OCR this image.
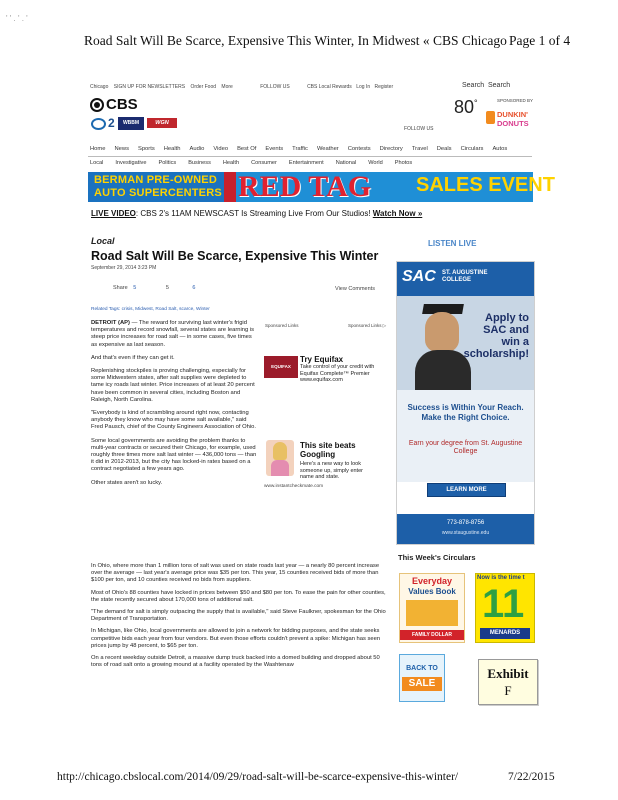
' ' . ' . '
Road Salt Will Be Scarce, Expensive This Winter, In Midwest « CBS Chicago Page 1 of 4
Chicago SIGN UP FOR NEWSLETTERS Order Food More	FOLLOW US	CBS Local Rewards Log In Register	Search Search
SPONSORED BY
CBS
2	WBBM	WGN
80°
FOLLOW US
DUNKIN'
DONUTS
Home News Sports Health Audio Video Best Of Events Traffic Weather Contests Directory Travel Deals Circulars Autos
Local Investigative Politics Business Health Consumer Entertainment National World Photos
BERMAN PRE-OWNED
AUTO SUPERCENTERS RED TAG SALES EVENT
LIVE VIDEO: CBS 2's 11AM NEWSCAST Is Streaming Live From Our Studios! Watch Now »
Local
Road Salt Will Be Scarce, Expensive This Winter
September 29, 2014 3:23 PM
Share 5	5	6	View Comments
Related Tags: crisis, Midwest, Road Salt, scarce, Winter

DETROIT (AP) — The reward for surviving last winter's frigid temperatures and record snowfall, several states are learning is steep price increases for road salt — in some cases, five times as expensive as last season.

And that's even if they can get it.

Replenishing stockpiles is proving challenging, especially for some Midwestern states, after salt supplies were depleted to tame icy roads last winter. Price increases of at least 20 percent have been common in several cities, including Boston and Raleigh, North Carolina.

"Everybody is kind of scrambling around right now, contacting anybody they know who may have some salt available," said Fred Pausch, chief of the County Engineers Association of Ohio.

Some local governments are avoiding the problem thanks to multi-year contracts or secured their Chicago, for example, used roughly three times more salt last winter — 436,000 tons — than it did in 2012-2013, but the city has locked-in rates based on a contract negotiated a few years ago.

Other states aren't so lucky.

Sponsored Links	Sponsored Links ▷
EQUIFAX
Try Equifax
Take control of your credit with Equifax Complete™ Premier www.equifax.com
This site beats Googling
Here's a new way to look someone up, simply enter name and state.
www.instantcheckmate.com

In Ohio, where more than 1 million tons of salt was used on state roads last year — a nearly 80 percent increase over the average — last year's average price was $35 per ton. This year, 15 counties received bids of more than $100 per ton, and 10 counties received no bids from suppliers.

Most of Ohio's 88 counties have locked in prices between $50 and $80 per ton. To ease the pain for other counties, the state recently secured about 170,000 tons of additional salt.

"The demand for salt is simply outpacing the supply that is available," said Steve Faulkner, spokesman for the Ohio Department of Transportation.

In Michigan, like Ohio, local governments are allowed to join a network for bidding purposes, and the state seeks competitive bids each year from four vendors. But even those efforts couldn't prevent a spike: Michigan has seen prices jump by 48 percent, to $65 per ton.

On a recent weekday outside Detroit, a massive dump truck backed into a domed building and dropped about 50 tons of road salt onto a growing mound at a facility operated by the Washtenaw

LISTEN LIVE
SAC ST. AUGUSTINE
COLLEGE
Apply to
SAC and
win a
scholarship!
Success is Within Your Reach. Make the Right Choice.
Earn your degree from St. Augustine College
LEARN MORE
773-878-8756
www.staugustine.edu
This Week's Circulars
Everyday
Values Book
FAMILY DOLLAR
Now is the time t
11
MENARDS
BACK TO
SALE
Exhibit
F
http://chicago.cbslocal.com/2014/09/29/road-salt-will-be-scarce-expensive-this-winter/	7/22/2015
